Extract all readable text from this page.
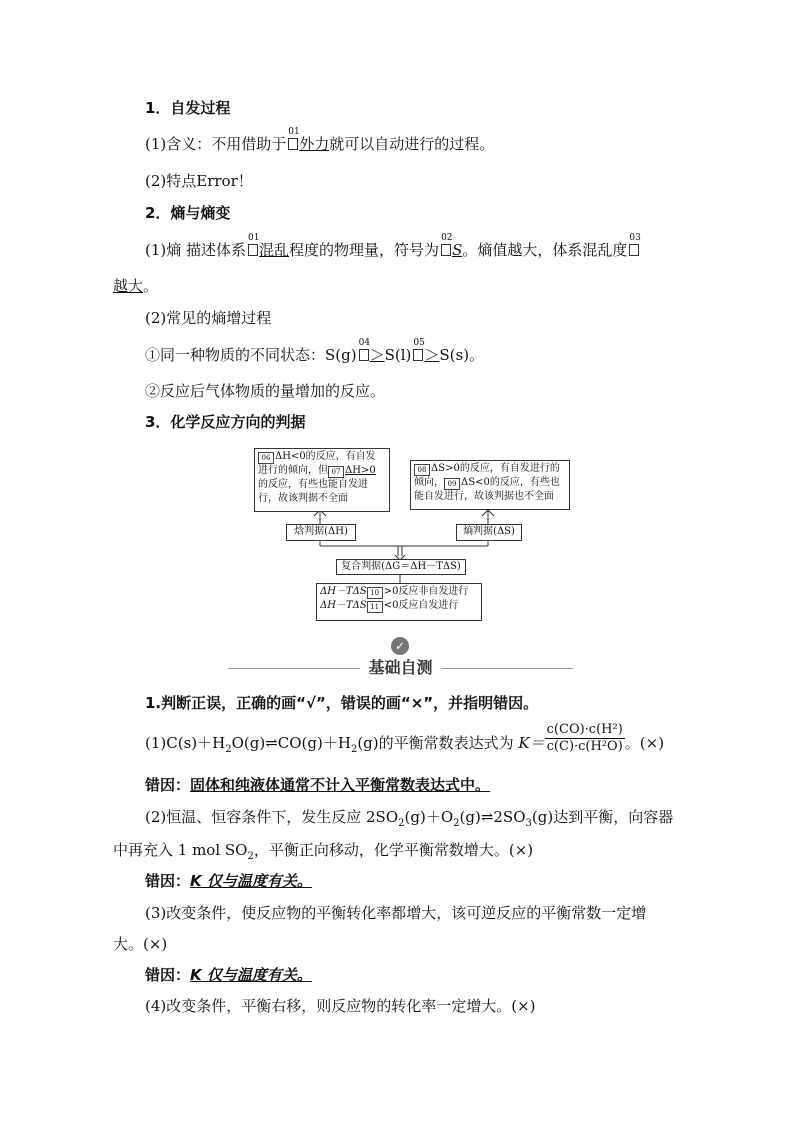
1．自发过程
(1)含义：不用借助于
01
外力就可以自动进行的过程。
(2)特点Error！
2．熵与熵变
(1)熵 描述体系
01
混乱程度的物理量，符号为
02
S。熵值越大，体系混乱度
03
越大。
(2)常见的熵增过程
①同一种物质的不同状态：S(g)
04
＞S(l)
05
＞S(s)。
②反应后气体物质的量增加的反应。
3．化学反应方向的判据
06 ΔH<0的反应，有自发
进行的倾向，但 07 ΔH>0
的反应，有些也能自发进
行，故该判据不全面
08 ΔS>0的反应，有自发进行的
倾向， 09 ΔS<0的反应，有些也
能自发进行，故该判据也不全面
焓判据(ΔH)	熵判据(ΔS)
复合判据(ΔG＝ΔH－TΔS)
ΔH－TΔS 10 >0反应非自发进行
ΔH－TΔS 11 <0反应自发进行
✓
基础自测
1.判断正误，正确的画“√”，错误的画“×”，并指明错因。
$(1)C(s)+H_2O(g)\rightleftharpoons CO(g)+H_2(g)$的平衡常数表达式为 $K= \frac{\text{c(CO)·c(H²)}}{\text{c(C)·c(H²O)}}$ 。(×)
错因：固体和纯液体通常不计入平衡常数表达式中。
(2)恒温、恒容条件下，发生反应 $2SO_2(g)+O_2(g)\rightleftharpoons 2SO_3(g)$达到平衡，向容器
中再充入 1 mol $SO_2$，平衡正向移动，化学平衡常数增大。(×)
错因：K 仅与温度有关。
(3)改变条件，使反应物的平衡转化率都增大，该可逆反应的平衡常数一定增
大。(×)
错因：K 仅与温度有关。
(4)改变条件，平衡右移，则反应物的转化率一定增大。(×)
